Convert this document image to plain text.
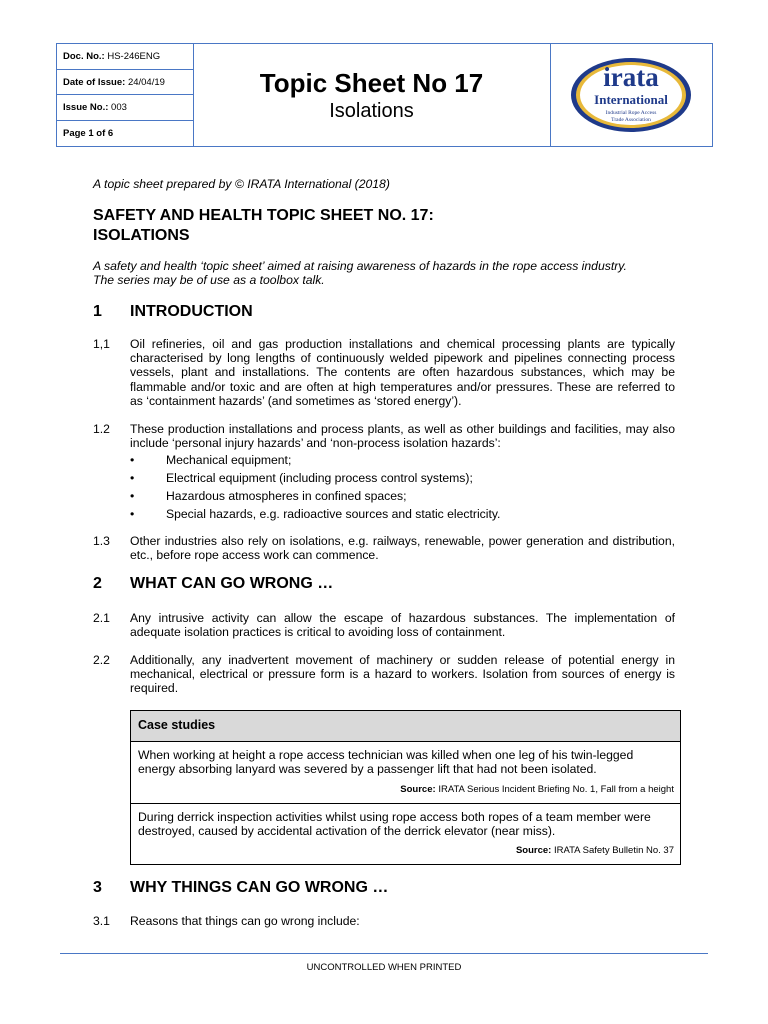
Doc. No.: HS-246ENG
Date of Issue: 24/04/19
Issue No.: 003
Page 1 of 6
Topic Sheet No 17
Isolations
irata
International
Industrial Rope Access
Trade Association
A topic sheet prepared by © IRATA International (2018)
SAFETY AND HEALTH TOPIC SHEET NO. 17:
ISOLATIONS
A safety and health ‘topic sheet’ aimed at raising awareness of hazards in the rope access industry.
The series may be of use as a toolbox talk.
1 INTRODUCTION
1,1 Oil refineries, oil and gas production installations and chemical processing plants are typically characterised by long lengths of continuously welded pipework and pipelines connecting process vessels, plant and installations. The contents are often hazardous substances, which may be flammable and/or toxic and are often at high temperatures and/or pressures. These are referred to as ‘containment hazards’ (and sometimes as ‘stored energy’).
1.2 These production installations and process plants, as well as other buildings and facilities, may also include ‘personal injury hazards’ and ‘non-process isolation hazards’:
•	Mechanical equipment;
•	Electrical equipment (including process control systems);
•	Hazardous atmospheres in confined spaces;
•	Special hazards, e.g. radioactive sources and static electricity.
1.3 Other industries also rely on isolations, e.g. railways, renewable, power generation and distribution, etc., before rope access work can commence.
2 WHAT CAN GO WRONG …
2.1 Any intrusive activity can allow the escape of hazardous substances. The implementation of adequate isolation practices is critical to avoiding loss of containment.
2.2 Additionally, any inadvertent movement of machinery or sudden release of potential energy in mechanical, electrical or pressure form is a hazard to workers. Isolation from sources of energy is required.
Case studies
When working at height a rope access technician was killed when one leg of his twin-legged energy absorbing lanyard was severed by a passenger lift that had not been isolated.
Source: IRATA Serious Incident Briefing No. 1, Fall from a height
During derrick inspection activities whilst using rope access both ropes of a team member were destroyed, caused by accidental activation of the derrick elevator (near miss).
Source: IRATA Safety Bulletin No. 37
3 WHY THINGS CAN GO WRONG …
3.1 Reasons that things can go wrong include:
UNCONTROLLED WHEN PRINTED
